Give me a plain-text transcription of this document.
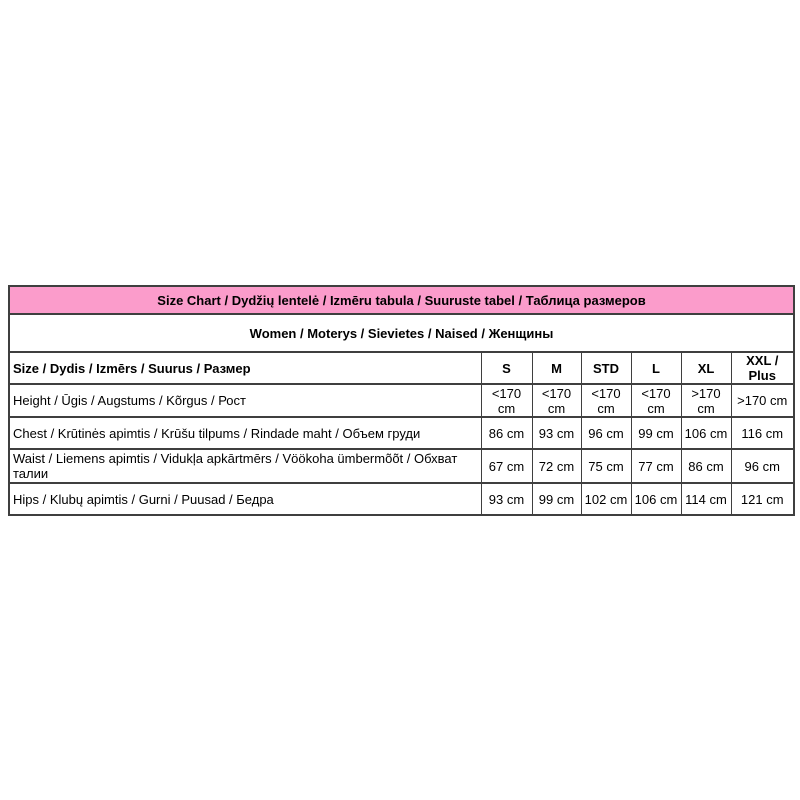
Size Chart / Dydžių lentelė / Izmēru tabula / Suuruste tabel / Таблица размеров						
Women / Moterys / Sievietes / Naised / Женщины						
Size / Dydis / Izmērs / Suurus / Размер	S	M	STD	L	XL	XXL / Plus
Height / Ūgis / Augstums / Kõrgus / Рост	<170 cm	<170 cm	<170 cm	<170 cm	>170 cm	>170 cm
Chest / Krūtinės apimtis / Krūšu tilpums / Rindade maht / Объем груди	86 cm	93 cm	96 cm	99 cm	106 cm	116 cm
Waist / Liemens apimtis / Vidukļa apkārtmērs / Vöökoha ümbermõõt / Обхват талии	67 cm	72 cm	75 cm	77 cm	86 cm	96 cm
Hips / Klubų apimtis / Gurni / Puusad / Бедра	93 cm	99 cm	102 cm	106 cm	114 cm	121 cm
